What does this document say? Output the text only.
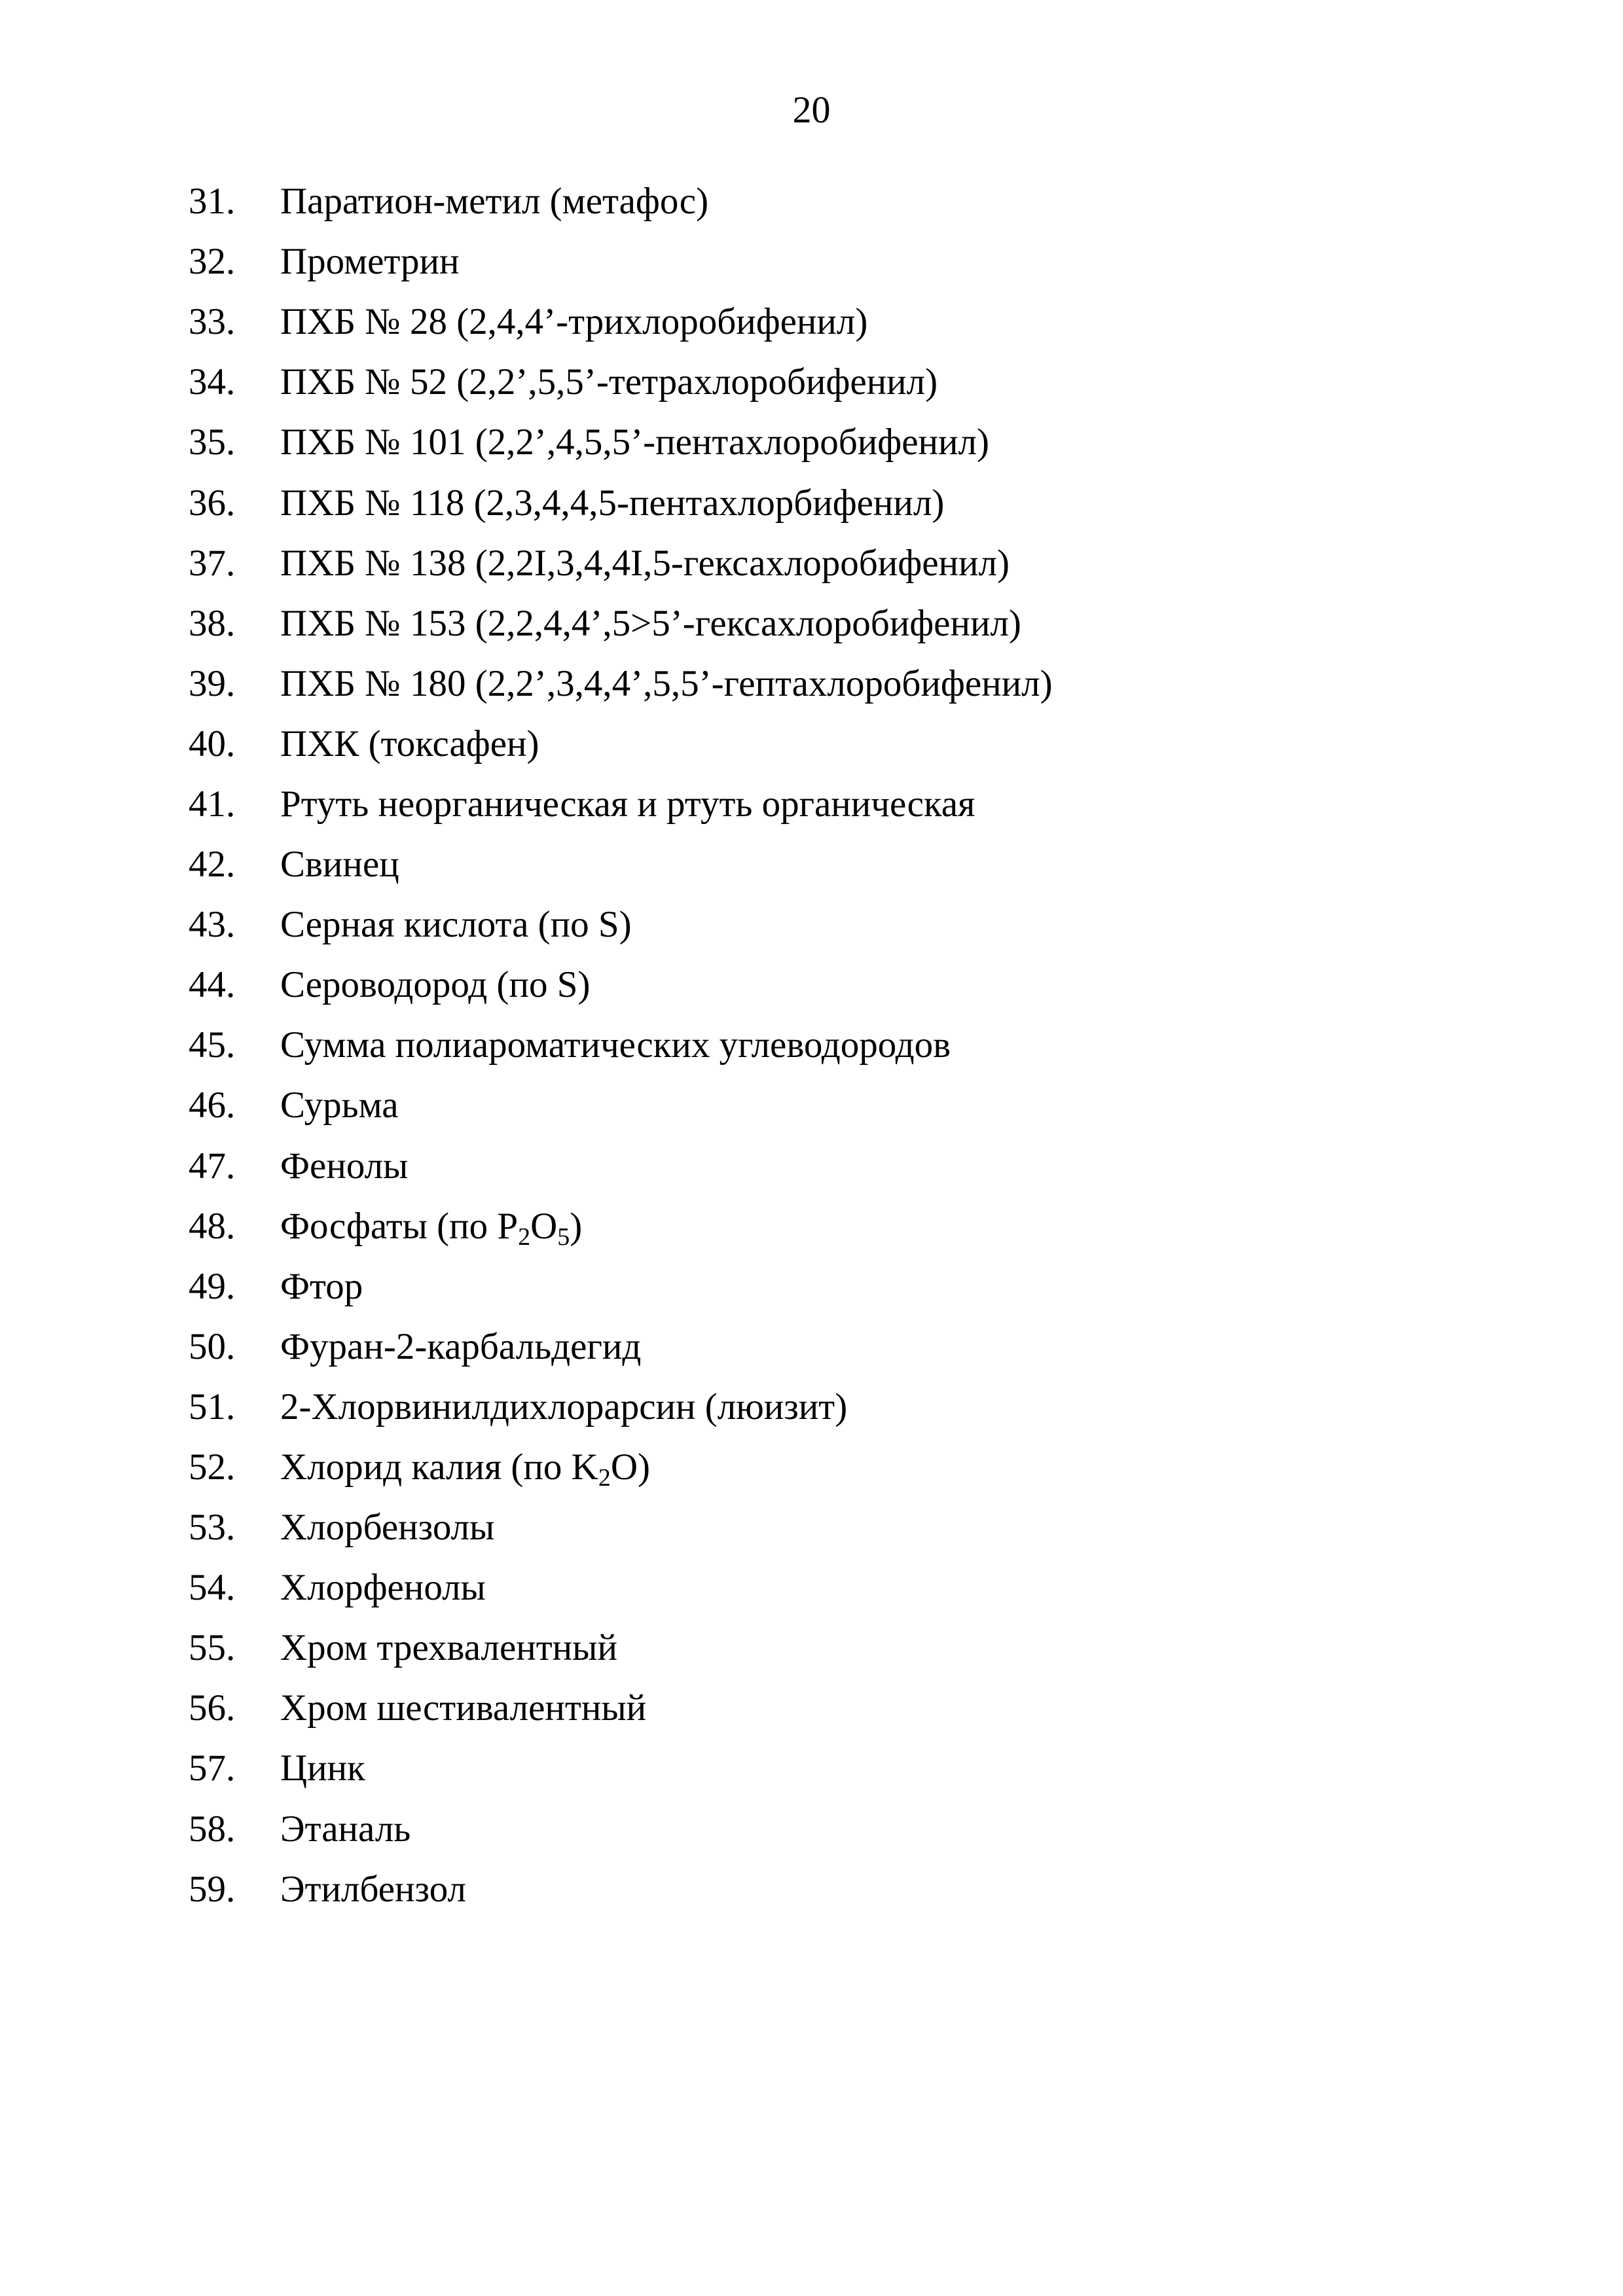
20
31.	Паратион-метил (метафос)
32.	Прометрин
33.	ПХБ № 28 (2,4,4’-трихлоробифенил)
34.	ПХБ № 52 (2,2’,5,5’-тетрахлоробифенил)
35.	ПХБ № 101 (2,2’,4,5,5’-пентахлоробифенил)
36.	ПХБ № 118 (2,3,4,4,5-пентахлорбифенил)
37.	ПХБ № 138 (2,2I,3,4,4I,5-гексахлоробифенил)
38.	ПХБ № 153 (2,2,4,4’,5>5’-гексахлоробифенил)
39.	ПХБ № 180 (2,2’,3,4,4’,5,5’-гептахлоробифенил)
40.	ПХК (токсафен)
41.	Ртуть неорганическая и ртуть органическая
42.	Свинец
43.	Серная кислота (по S)
44.	Сероводород (по S)
45.	Сумма полиароматических углеводородов
46.	Сурьма
47.	Фенолы
48.	Фосфаты (по $P_2O_5$)
49.	Фтор
50.	Фуран-2-карбальдегид
51.	2-Хлорвинилдихлорарсин (люизит)
52.	Хлорид калия (по $K_2O$)
53.	Хлорбензолы
54.	Хлорфенолы
55.	Хром трехвалентный
56.	Хром шестивалентный
57.	Цинк
58.	Этаналь
59.	Этилбензол
